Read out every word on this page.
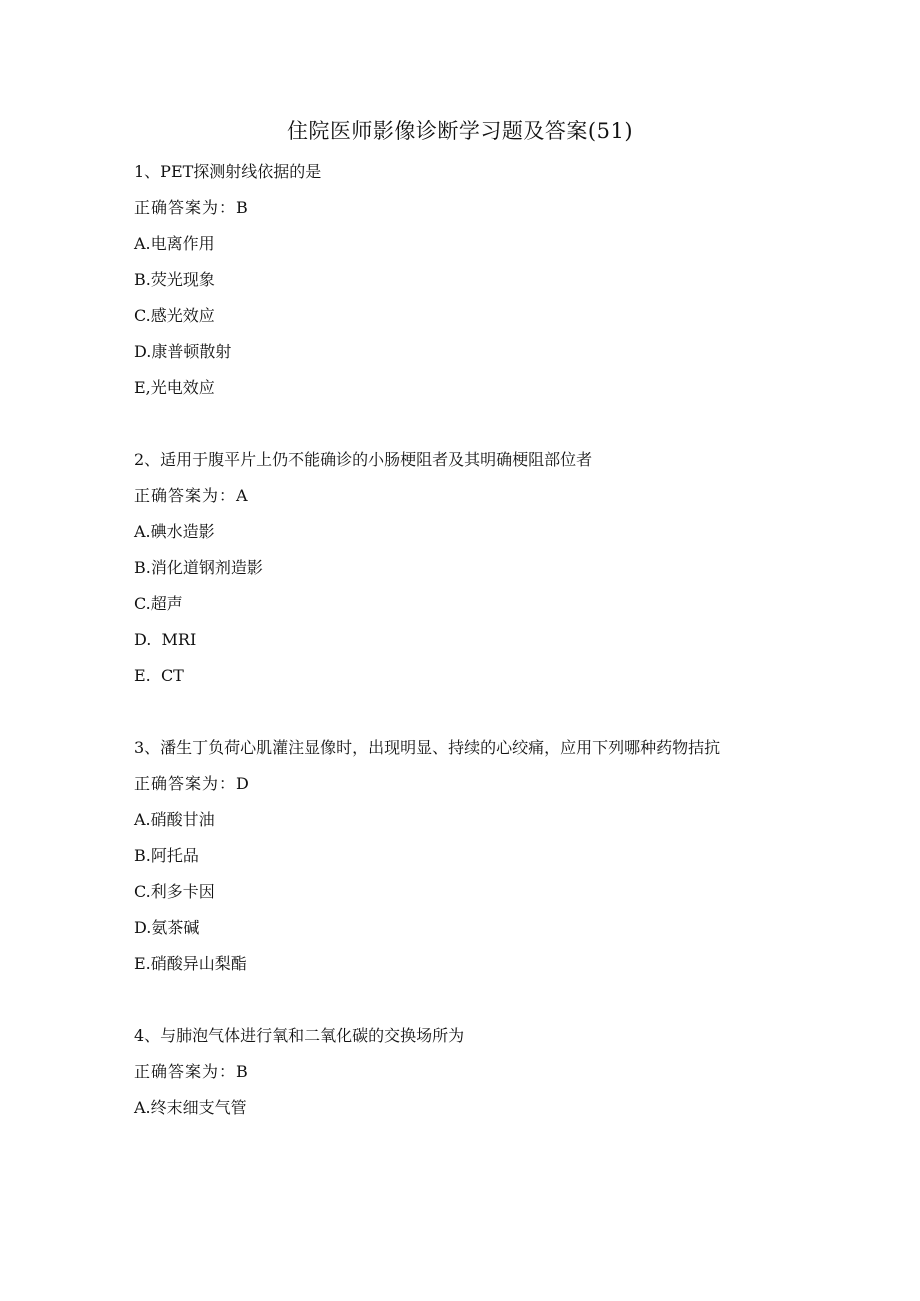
住院医师影像诊断学习题及答案(51)
1、PET探测射线依据的是
正确答案为：B
A.电离作用
B.荧光现象
C.感光效应
D.康普顿散射
E,光电效应
2、适用于腹平片上仍不能确诊的小肠梗阻者及其明确梗阻部位者
正确答案为：A
A.碘水造影
B.消化道钢剂造影
C.超声
D.  MRI
E.  CT
3、潘生丁负荷心肌灌注显像时，出现明显、持续的心绞痛，应用下列哪种药物拮抗
正确答案为：D
A.硝酸甘油
B.阿托品
C.利多卡因
D.氨茶碱
E.硝酸异山梨酯
4、与肺泡气体进行氧和二氧化碳的交换场所为
正确答案为：B
A.终末细支气管
